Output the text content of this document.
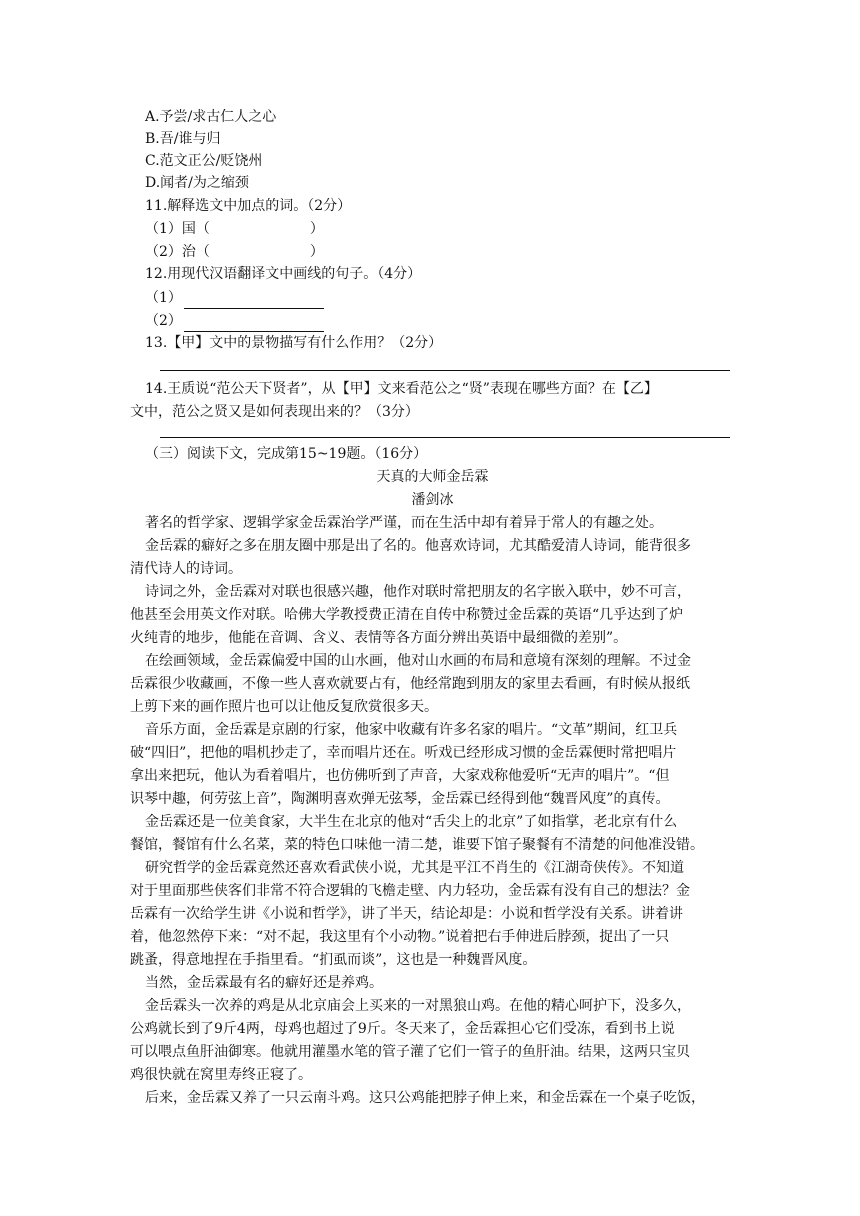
A.予尝/求古仁人之心
B.吾/谁与归
C.范文正公/贬饶州
D.闻者/为之缩颈
11.解释选文中加点的词。（2分）
（1）国（	）
（2）治（	）
12.用现代汉语翻译文中画线的句子。（4分）
（1）
（2）
13.【甲】文中的景物描写有什么作用？（2分）
14.王质说“范公天下贤者”，从【甲】文来看范公之“贤”表现在哪些方面？在【乙】
文中，范公之贤又是如何表现出来的？（3分）
（三）阅读下文，完成第15~19题。（16分）
天真的大师金岳霖
潘剑冰
著名的哲学家、逻辑学家金岳霖治学严谨，而在生活中却有着异于常人的有趣之处。
金岳霖的癖好之多在朋友圈中那是出了名的。他喜欢诗词，尤其酷爱清人诗词，能背很多
清代诗人的诗词。
诗词之外，金岳霖对对联也很感兴趣，他作对联时常把朋友的名字嵌入联中，妙不可言，
他甚至会用英文作对联。哈佛大学教授费正清在自传中称赞过金岳霖的英语“几乎达到了炉
火纯青的地步，他能在音调、含义、表情等各方面分辨出英语中最细微的差别”。
在绘画领域，金岳霖偏爱中国的山水画，他对山水画的布局和意境有深刻的理解。不过金
岳霖很少收藏画，不像一些人喜欢就要占有，他经常跑到朋友的家里去看画，有时候从报纸
上剪下来的画作照片也可以让他反复欣赏很多天。
音乐方面，金岳霖是京剧的行家，他家中收藏有许多名家的唱片。“文革”期间，红卫兵
破“四旧”，把他的唱机抄走了，幸而唱片还在。听戏已经形成习惯的金岳霖便时常把唱片
拿出来把玩，他认为看着唱片，也仿佛听到了声音，大家戏称他爱听“无声的唱片”。“但
识琴中趣，何劳弦上音”，陶渊明喜欢弹无弦琴，金岳霖已经得到他“魏晋风度”的真传。
金岳霖还是一位美食家，大半生在北京的他对“舌尖上的北京”了如指掌，老北京有什么
餐馆，餐馆有什么名菜，菜的特色口味他一清二楚，谁要下馆子聚餐有不清楚的问他准没错。
研究哲学的金岳霖竟然还喜欢看武侠小说，尤其是平江不肖生的《江湖奇侠传》。不知道
对于里面那些侠客们非常不符合逻辑的飞檐走壁、内力轻功，金岳霖有没有自己的想法？金
岳霖有一次给学生讲《小说和哲学》，讲了半天，结论却是：小说和哲学没有关系。讲着讲
着，他忽然停下来：“对不起，我这里有个小动物。”说着把右手伸进后脖颈，捉出了一只
跳蚤，得意地捏在手指里看。“扪虱而谈”，这也是一种魏晋风度。
当然，金岳霖最有名的癖好还是养鸡。
金岳霖头一次养的鸡是从北京庙会上买来的一对黑狼山鸡。在他的精心呵护下，没多久，
公鸡就长到了9斤4两，母鸡也超过了9斤。冬天来了，金岳霖担心它们受冻，看到书上说
可以喂点鱼肝油御寒。他就用灌墨水笔的管子灌了它们一管子的鱼肝油。结果，这两只宝贝
鸡很快就在窝里寿终正寝了。
后来，金岳霖又养了一只云南斗鸡。这只公鸡能把脖子伸上来，和金岳霖在一个桌子吃饭，
